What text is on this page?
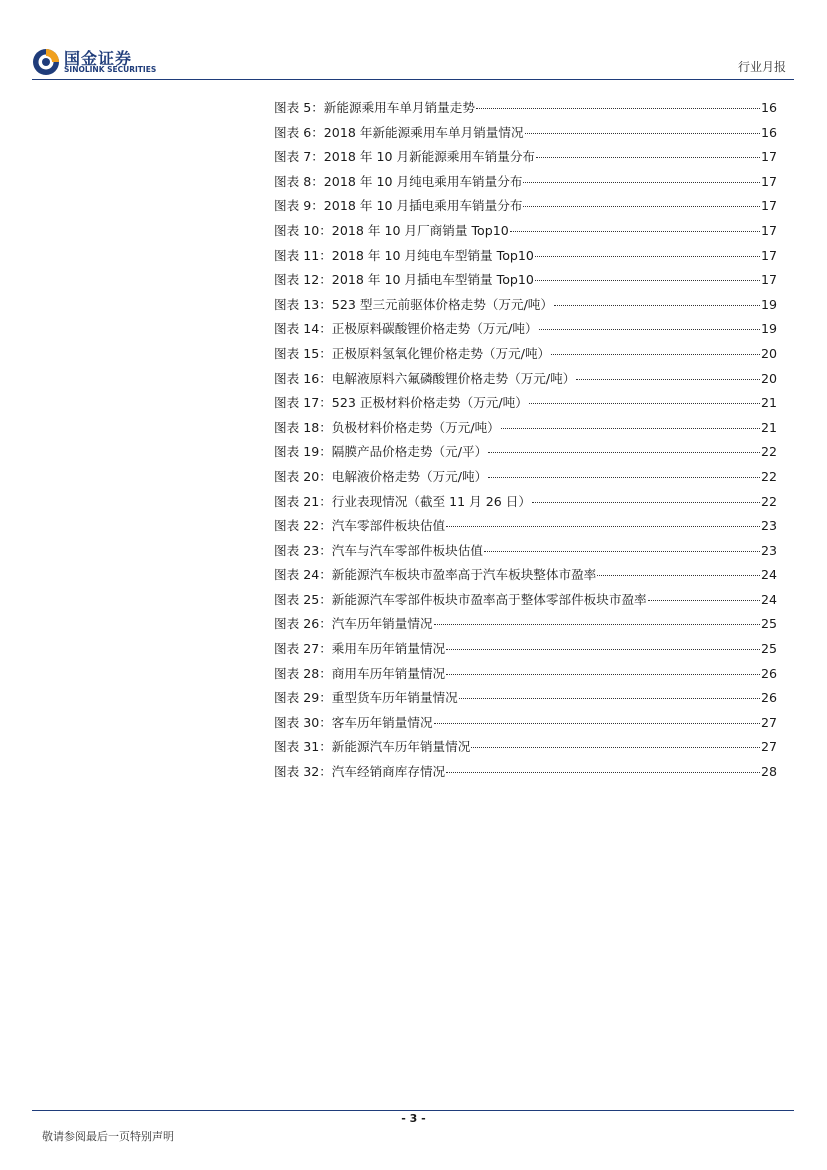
国金证券
SINOLINK SECURITIES	行业月报
图表 5：新能源乘用车单月销量走势	16
图表 6：2018 年新能源乘用车单月销量情况	16
图表 7：2018 年 10 月新能源乘用车销量分布	17
图表 8：2018 年 10 月纯电乘用车销量分布	17
图表 9：2018 年 10 月插电乘用车销量分布	17
图表 10：2018 年 10 月厂商销量 Top10	17
图表 11：2018 年 10 月纯电车型销量 Top10	17
图表 12：2018 年 10 月插电车型销量 Top10	17
图表 13：523 型三元前驱体价格走势（万元/吨）	19
图表 14：正极原料碳酸锂价格走势（万元/吨）	19
图表 15：正极原料氢氧化锂价格走势（万元/吨）	20
图表 16：电解液原料六氟磷酸锂价格走势（万元/吨）	20
图表 17：523 正极材料价格走势（万元/吨）	21
图表 18：负极材料价格走势（万元/吨）	21
图表 19：隔膜产品价格走势（元/平）	22
图表 20：电解液价格走势（万元/吨）	22
图表 21：行业表现情况（截至 11 月 26 日）	22
图表 22：汽车零部件板块估值	23
图表 23：汽车与汽车零部件板块估值	23
图表 24：新能源汽车板块市盈率高于汽车板块整体市盈率	24
图表 25：新能源汽车零部件板块市盈率高于整体零部件板块市盈率	24
图表 26：汽车历年销量情况	25
图表 27：乘用车历年销量情况	25
图表 28：商用车历年销量情况	26
图表 29：重型货车历年销量情况	26
图表 30：客车历年销量情况	27
图表 31：新能源汽车历年销量情况	27
图表 32：汽车经销商库存情况	28
- 3 -
敬请参阅最后一页特别声明
